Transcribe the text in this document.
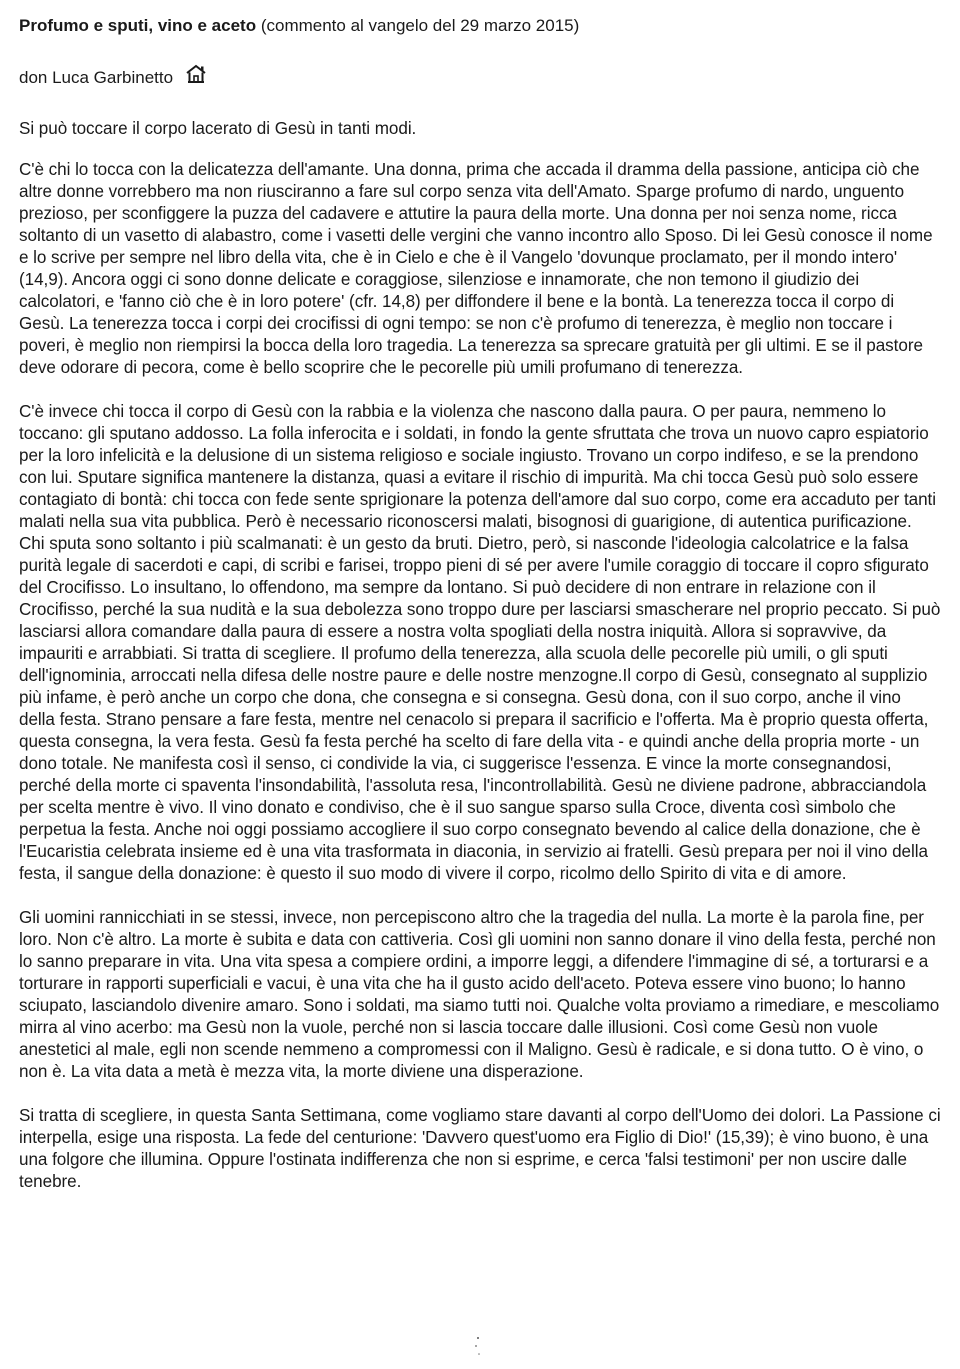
Profumo e sputi, vino e aceto (commento al vangelo del 29 marzo 2015)

don Luca Garbinetto

Si può toccare il corpo lacerato di Gesù in tanti modi.

C'è chi lo tocca con la delicatezza dell'amante. Una donna, prima che accada il dramma della passione, anticipa ciò che altre donne vorrebbero ma non riusciranno a fare sul corpo senza vita dell'Amato. Sparge profumo di nardo, unguento prezioso, per sconfiggere la puzza del cadavere e attutire la paura della morte. Una donna per noi senza nome, ricca soltanto di un vasetto di alabastro, come i vasetti delle vergini che vanno incontro allo Sposo. Di lei Gesù conosce il nome e lo scrive per sempre nel libro della vita, che è in Cielo e che è il Vangelo 'dovunque proclamato, per il mondo intero' (14,9). Ancora oggi ci sono donne delicate e coraggiose, silenziose e innamorate, che non temono il giudizio dei calcolatori, e 'fanno ciò che è in loro potere' (cfr. 14,8) per diffondere il bene e la bontà. La tenerezza tocca il corpo di Gesù. La tenerezza tocca i corpi dei crocifissi di ogni tempo: se non c'è profumo di tenerezza, è meglio non toccare i poveri, è meglio non riempirsi la bocca della loro tragedia. La tenerezza sa sprecare gratuità per gli ultimi. E se il pastore deve odorare di pecora, come è bello scoprire che le pecorelle più umili profumano di tenerezza.

C'è invece chi tocca il corpo di Gesù con la rabbia e la violenza che nascono dalla paura. O per paura, nemmeno lo toccano: gli sputano addosso. La folla inferocita e i soldati, in fondo la gente sfruttata che trova un nuovo capro espiatorio per la loro infelicità e la delusione di un sistema religioso e sociale ingiusto. Trovano un corpo indifeso, e se la prendono con lui. Sputare significa mantenere la distanza, quasi a evitare il rischio di impurità. Ma chi tocca Gesù può solo essere contagiato di bontà: chi tocca con fede sente sprigionare la potenza dell'amore dal suo corpo, come era accaduto per tanti malati nella sua vita pubblica. Però è necessario riconoscersi malati, bisognosi di guarigione, di autentica purificazione. Chi sputa sono soltanto i più scalmanati: è un gesto da bruti. Dietro, però, si nasconde l'ideologia calcolatrice e la falsa purità legale di sacerdoti e capi, di scribi e farisei, troppo pieni di sé per avere l'umile coraggio di toccare il copro sfigurato del Crocifisso. Lo insultano, lo offendono, ma sempre da lontano. Si può decidere di non entrare in relazione con il Crocifisso, perché la sua nudità e la sua debolezza sono troppo dure per lasciarsi smascherare nel proprio peccato. Si può lasciarsi allora comandare dalla paura di essere a nostra volta spogliati della nostra iniquità. Allora si sopravvive, da impauriti e arrabbiati. Si tratta di scegliere. Il profumo della tenerezza, alla scuola delle pecorelle più umili, o gli sputi dell'ignominia, arroccati nella difesa delle nostre paure e delle nostre menzogne.Il corpo di Gesù, consegnato al supplizio più infame, è però anche un corpo che dona, che consegna e si consegna. Gesù dona, con il suo corpo, anche il vino della festa. Strano pensare a fare festa, mentre nel cenacolo si prepara il sacrificio e l'offerta. Ma è proprio questa offerta, questa consegna, la vera festa. Gesù fa festa perché ha scelto di fare della vita - e quindi anche della propria morte - un dono totale. Ne manifesta così il senso, ci condivide la via, ci suggerisce l'essenza. E vince la morte consegnandosi, perché della morte ci spaventa l'insondabilità, l'assoluta resa, l'incontrollabilità. Gesù ne diviene padrone, abbracciandola per scelta mentre è vivo. Il vino donato e condiviso, che è il suo sangue sparso sulla Croce, diventa così simbolo che perpetua la festa. Anche noi oggi possiamo accogliere il suo corpo consegnato bevendo al calice della donazione, che è l'Eucaristia celebrata insieme ed è una vita trasformata in diaconia, in servizio ai fratelli. Gesù prepara per noi il vino della festa, il sangue della donazione: è questo il suo modo di vivere il corpo, ricolmo dello Spirito di vita e di amore.

Gli uomini rannicchiati in se stessi, invece, non percepiscono altro che la tragedia del nulla. La morte è la parola fine, per loro. Non c'è altro. La morte è subita e data con cattiveria. Così gli uomini non sanno donare il vino della festa, perché non lo sanno preparare in vita. Una vita spesa a compiere ordini, a imporre leggi, a difendere l'immagine di sé, a torturarsi e a torturare in rapporti superficiali e vacui, è una vita che ha il gusto acido dell'aceto. Poteva essere vino buono; lo hanno sciupato, lasciandolo divenire amaro. Sono i soldati, ma siamo tutti noi. Qualche volta proviamo a rimediare, e mescoliamo mirra al vino acerbo: ma Gesù non la vuole, perché non si lascia toccare dalle illusioni. Così come Gesù non vuole anestetici al male, egli non scende nemmeno a compromessi con il Maligno. Gesù è radicale, e si dona tutto. O è vino, o non è. La vita data a metà è mezza vita, la morte diviene una disperazione.

Si tratta di scegliere, in questa Santa Settimana, come vogliamo stare davanti al corpo dell'Uomo dei dolori. La Passione ci interpella, esige una risposta. La fede del centurione: 'Davvero quest'uomo era Figlio di Dio!' (15,39); è vino buono, è una una folgore che illumina. Oppure l'ostinata indifferenza che non si esprime, e cerca 'falsi testimoni' per non uscire dalle tenebre.
